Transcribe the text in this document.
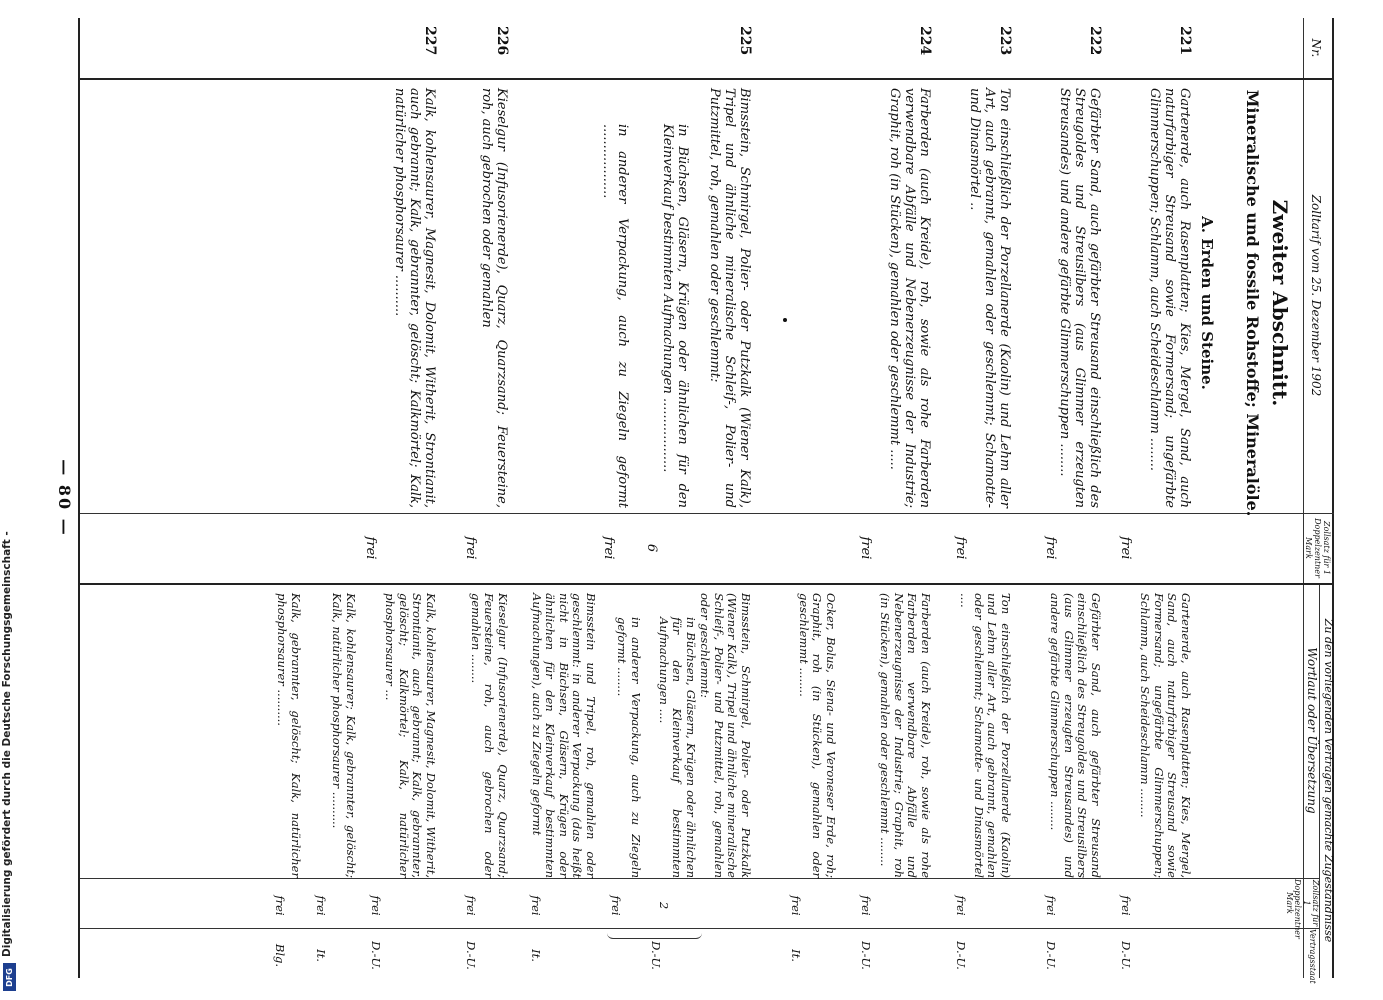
Digitalisierung gefördert durch die Deutsche Forschungsgemeinschaft -
DFG
Nr.
Zolltarif vom 25. Dezember 1902
Zollsatz für 1 Doppelzentner Mark
Zu den vorliegenden Verträgen gemachte Zugeständnisse
Wortlaut oder Übersetzung
Zollsatz für 1 Doppelzentner Mark
Vertragsstaat
Zweiter Abschnitt.
Mineralische und fossile Rohstoffe; Mineralöle.
A. Erden und Steine.
221
Gartenerde, auch Rasenplatten; Kies, Mergel, Sand, auch naturfarbiger Streusand sowie Formersand; ungefärbte Glimmerschuppen; Schlamm, auch Scheideschlamm ........
frei
Gartenerde, auch Rasenplatten; Kies, Mergel, Sand, auch naturfarbiger Streusand sowie Formersand; ungefärbte Glimmerschuppen; Schlamm, auch Scheideschlamm ........
frei
D.-U.
222
Gefärbter Sand, auch gefärbter Streusand einschließlich des Streugoldes und Streusilbers (aus Glimmer erzeugten Streusandes) und andere gefärbte Glimmerschuppen ........
frei
Gefärbter Sand, auch gefärbter Streusand einschließlich des Streugoldes und Streusilbers (aus Glimmer erzeugten Streusandes) und andere gefärbte Glimmerschuppen ........
frei
D.-U.
223
Ton einschließlich der Porzellanerde (Kaolin) und Lehm aller Art, auch gebrannt, gemahlen oder geschlemmt; Schamotte- und Dinasmörtel ..
frei
Ton einschließlich der Porzellanerde (Kaolin) und Lehm aller Art, auch gebrannt, gemahlen oder geschlemmt; Schamotte- und Dinasmörtel ....
frei
D.-U.
224
Farberden (auch Kreide), roh, sowie als rohe Farberden verwendbare Abfälle und Nebenerzeugnisse der Industrie; Graphit, roh (in Stücken), gemahlen oder geschlemmt .....
frei
Farberden (auch Kreide), roh, sowie als rohe Farberden verwendbare Abfälle und Nebenerzeugnisse der Industrie; Graphit, roh (in Stücken), gemahlen oder geschlemmt ........
frei
D.-U.
Ocker, Bolus, Siena- und Veroneser Erde, roh; Graphit, roh (in Stücken), gemahlen oder geschlemmt ........
frei
It.
225
Bimsstein, Schmirgel, Polier- oder Putzkalk (Wiener Kalk), Tripel und ähnliche mineralische Schleif-, Polier- und Putzmittel, roh, gemahlen oder geschlemmt:
in Büchsen, Gläsern, Krügen oder ähnlichen für den Kleinverkauf bestimmten Aufmachungen ..................
6
in anderer Verpackung, auch zu Ziegeln geformt ..................
frei
Bimsstein, Schmirgel, Polier- oder Putzkalk (Wiener Kalk), Tripel und ähnliche mineralische Schleif-, Polier- und Putzmittel, roh, gemahlen oder geschlemmt:
in Büchsen, Gläsern, Krügen oder ähnlichen für den Kleinverkauf bestimmten Aufmachungen ....
2
in anderer Verpackung, auch zu Ziegeln geformt ........
frei
D.-U.
Bimsstein und Tripel, roh, gemahlen oder geschlemmt: in anderer Verpackung (das heißt nicht in Büchsen, Gläsern, Krügen oder ähnlichen für den Kleinverkauf bestimmten Aufmachungen), auch zu Ziegeln geformt
frei
It.
226
Kieselgur (Infusorienerde), Quarz, Quarzsand; Feuersteine, roh, auch gebrochen oder gemahlen
frei
Kieselgur (Infusorienerde), Quarz, Quarzsand; Feuersteine, roh, auch gebrochen oder gemahlen ........
frei
D.-U.
227
Kalk, kohlensaurer, Magnesit, Dolomit, Witherit, Strontianit, auch gebrannt; Kalk, gebrannter, gelöscht; Kalkmörtel; Kalk, natürlicher phosphorsaurer ..........
frei
Kalk, kohlensaurer, Magnesit, Dolomit, Witherit, Strontianit, auch gebrannt; Kalk, gebrannter, gelöscht; Kalkmörtel; Kalk, natürlicher phosphorsaurer ...
frei
D.-U.
Kalk, kohlensaurer; Kalk, gebrannter, gelöscht; Kalk, natürlicher phosphorsaurer ..........
frei
It.
Kalk, gebrannter, gelöscht; Kalk, natürlicher phosphorsaurer ..........
frei
Blg.
— 80 —
